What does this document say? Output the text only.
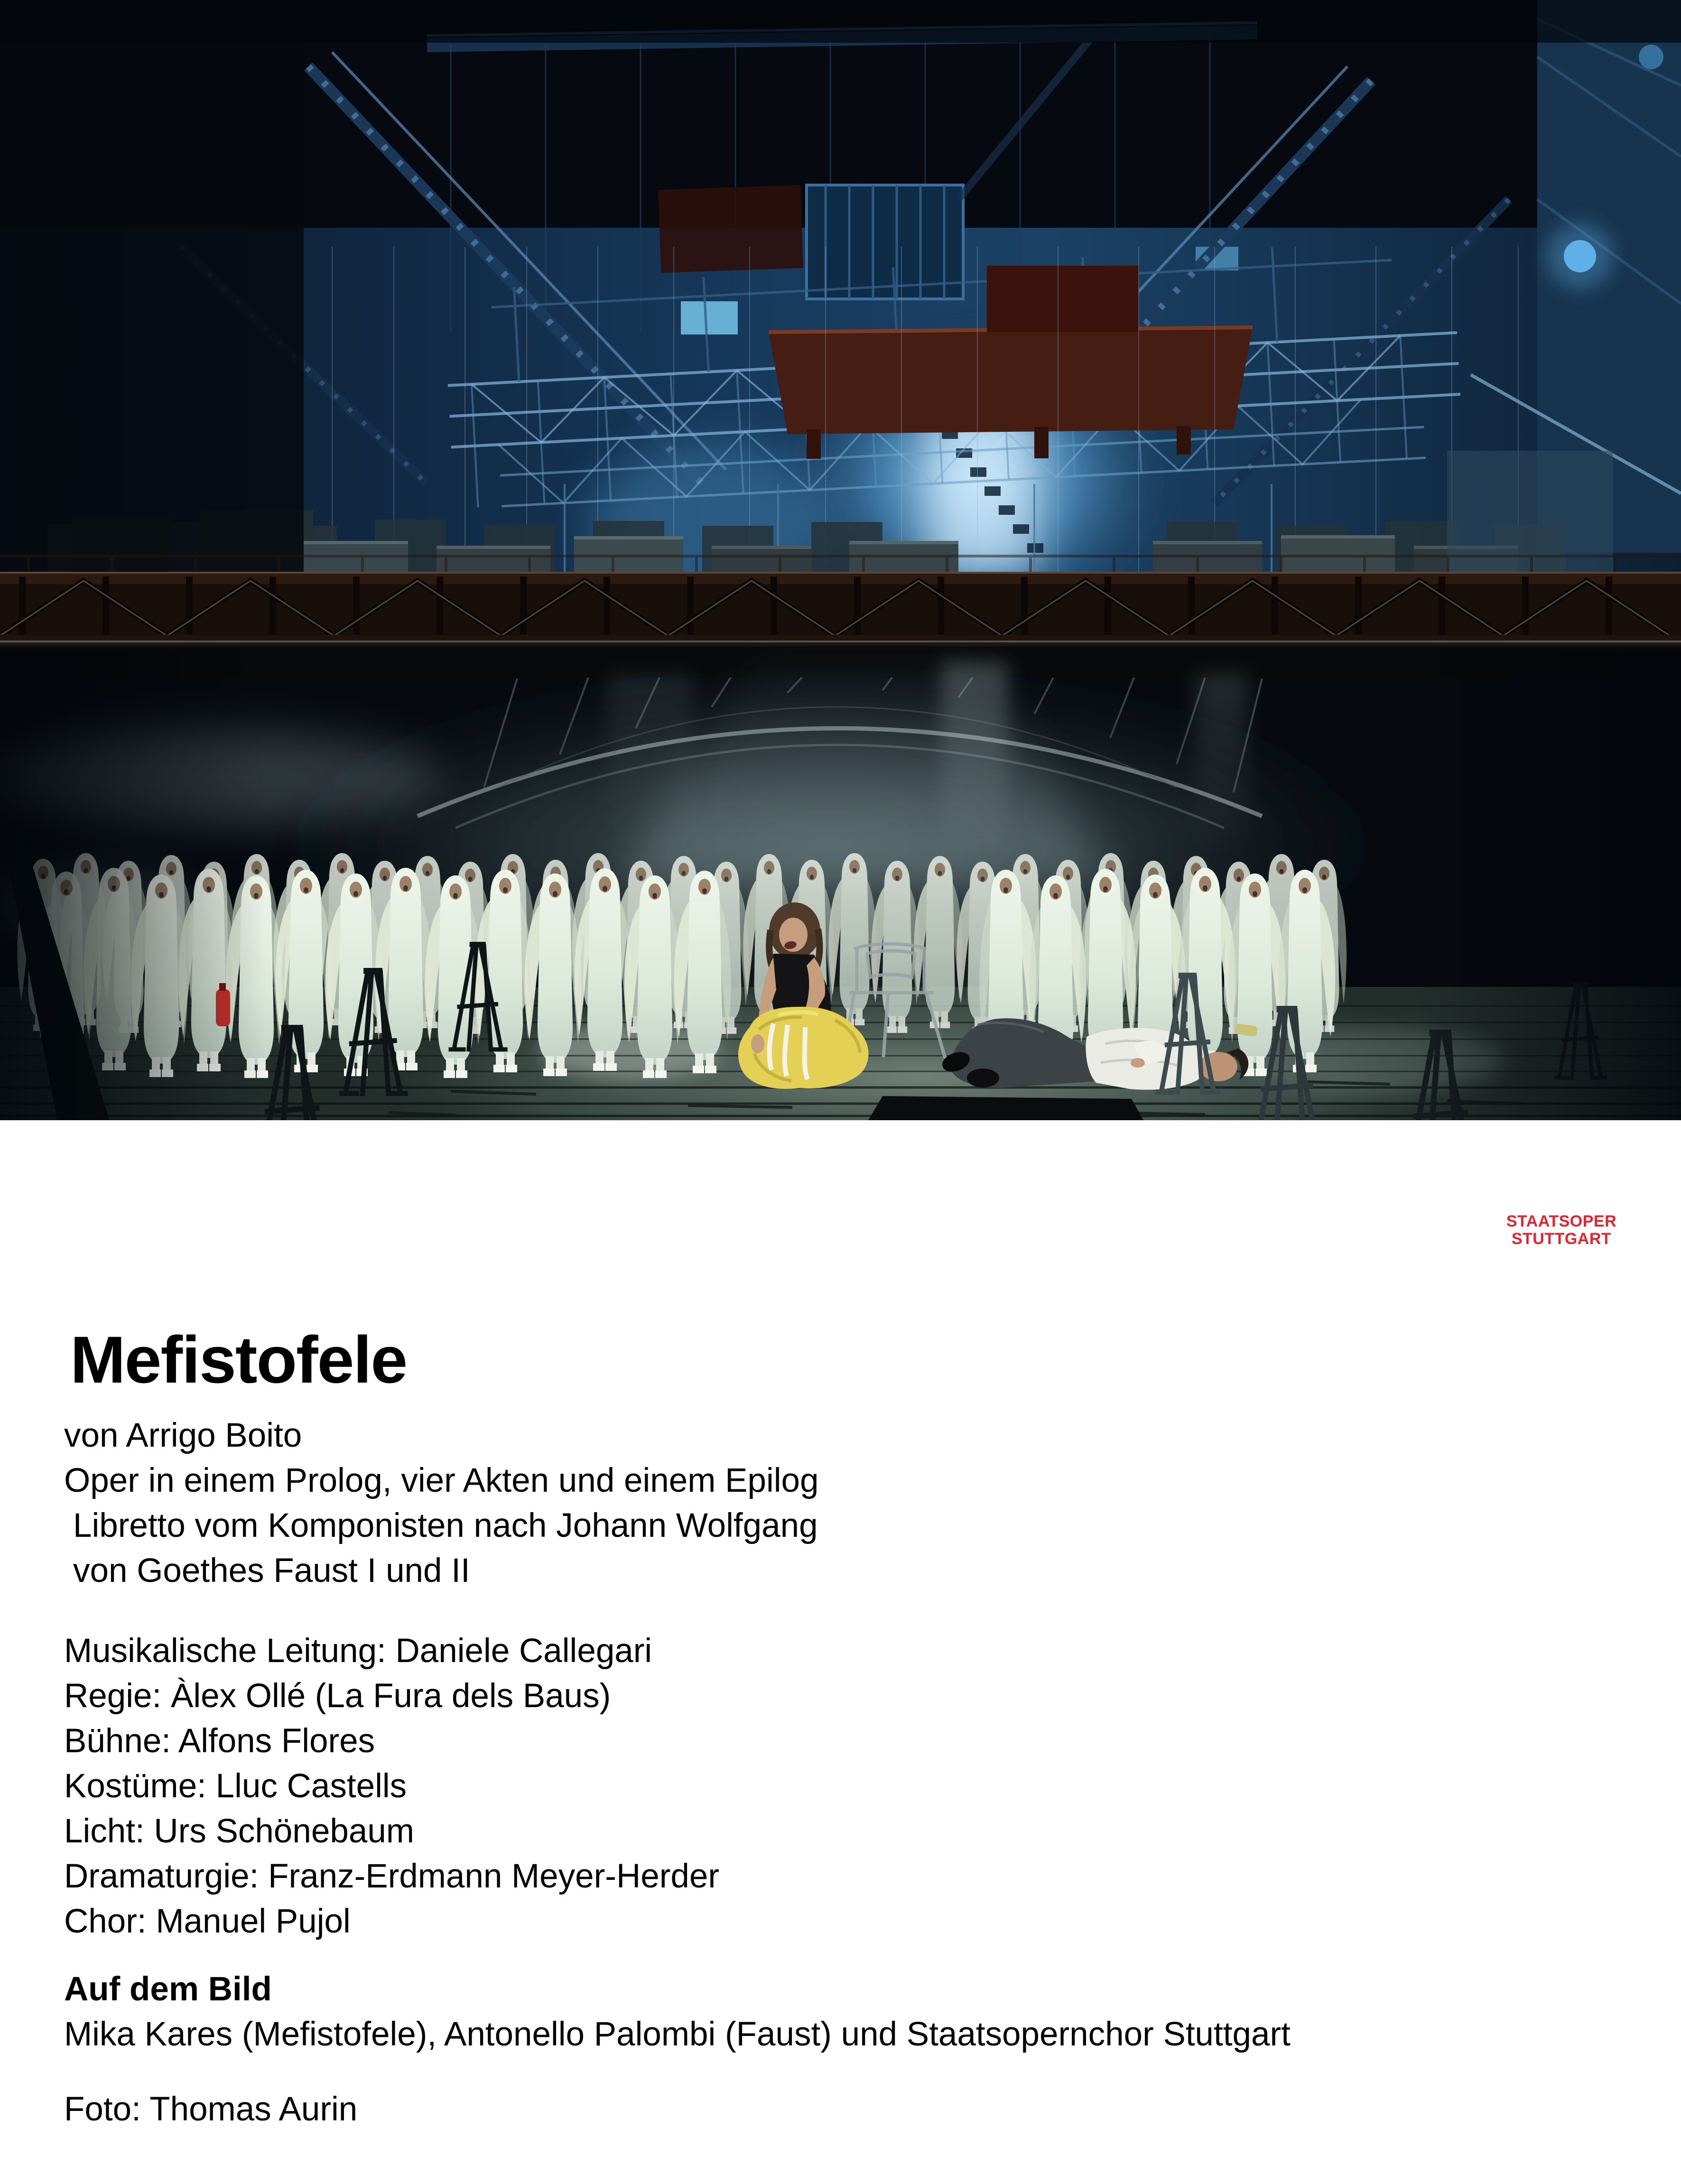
STAATSOPER
STUTTGART
Mefistofele
von Arrigo Boito
Oper in einem Prolog, vier Akten und einem Epilog
Libretto vom Komponisten nach Johann Wolfgang
von Goethes Faust I und II
Musikalische Leitung: Daniele Callegari
Regie: Àlex Ollé (La Fura dels Baus)
Bühne: Alfons Flores
Kostüme: Lluc Castells
Licht: Urs Schönebaum
Dramaturgie: Franz-Erdmann Meyer-Herder
Chor: Manuel Pujol
Auf dem Bild
Mika Kares (Mefistofele), Antonello Palombi (Faust) und Staatsopernchor Stuttgart
Foto: Thomas Aurin
